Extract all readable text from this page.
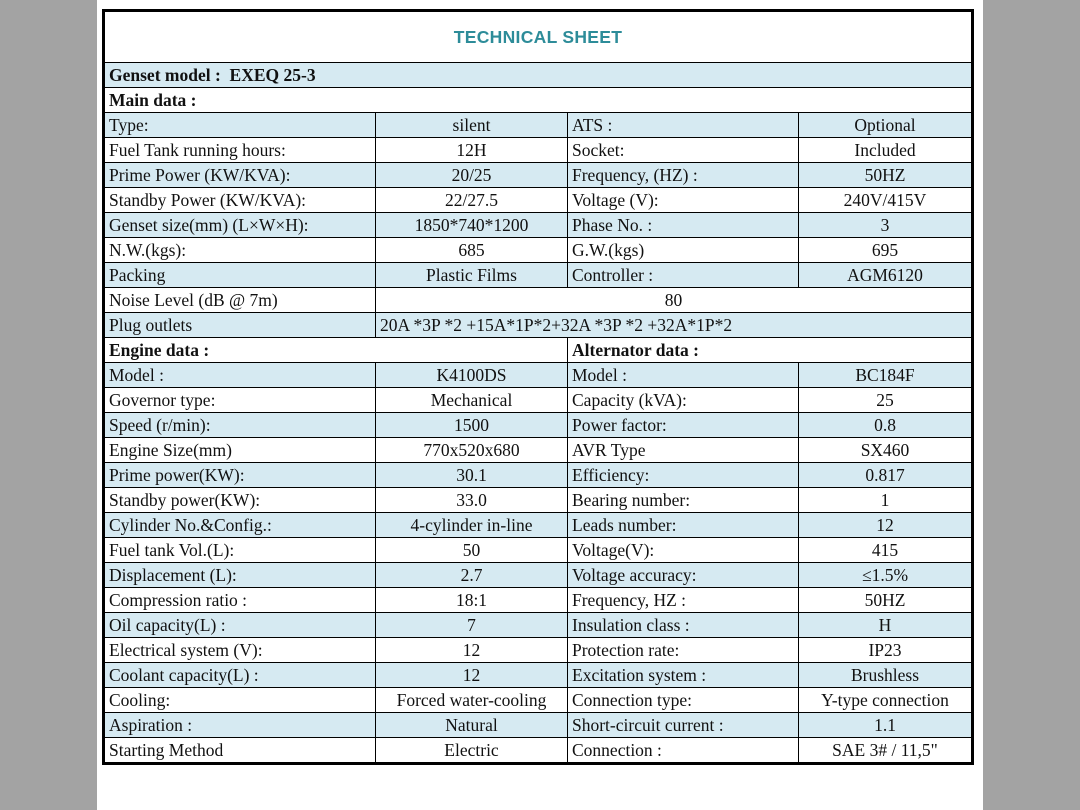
TECHNICAL SHEET			
Genset model : EXEQ 25-3			
Main data :			
Type:	silent	ATS :	Optional
Fuel Tank running hours:	12H	Socket:	Included
Prime Power (KW/KVA):	20/25	Frequency, (HZ) :	50HZ
Standby Power (KW/KVA):	22/27.5	Voltage (V):	240V/415V
Genset size(mm) (L×W×H):	1850*740*1200	Phase No. :	3
N.W.(kgs):	685	G.W.(kgs)	695
Packing	Plastic Films	Controller :	AGM6120
Noise Level (dB @ 7m)	80		
Plug outlets	20A *3P *2 +15A*1P*2+32A *3P *2 +32A*1P*2		
Engine data :		Alternator data :	
Model :	K4100DS	Model :	BC184F
Governor type:	Mechanical	Capacity (kVA):	25
Speed (r/min):	1500	Power factor:	0.8
Engine Size(mm)	770x520x680	AVR Type	SX460
Prime power(KW):	30.1	Efficiency:	0.817
Standby power(KW):	33.0	Bearing number:	1
Cylinder No.&Config.:	4-cylinder in-line	Leads number:	12
Fuel tank Vol.(L):	50	Voltage(V):	415
Displacement (L):	2.7	Voltage accuracy:	≤1.5%
Compression ratio :	18:1	Frequency, HZ :	50HZ
Oil capacity(L) :	7	Insulation class :	H
Electrical system (V):	12	Protection rate:	IP23
Coolant capacity(L) :	12	Excitation system :	Brushless
Cooling:	Forced water-cooling	Connection type:	Y-type connection
Aspiration :	Natural	Short-circuit current :	1.1
Starting Method	Electric	Connection :	SAE 3# / 11,5"
